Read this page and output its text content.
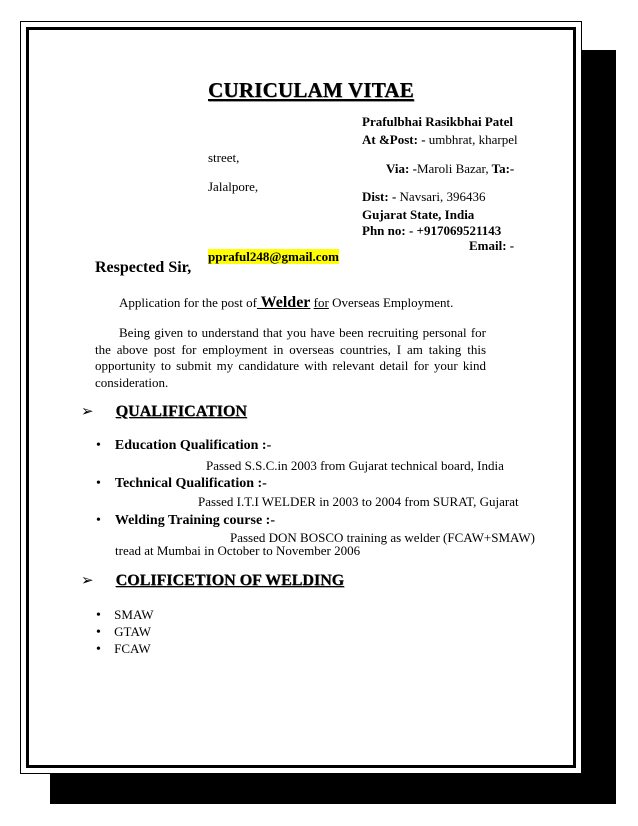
CURICULAM VITAE
Prafulbhai Rasikbhai Patel
At &Post: - umbhrat, kharpel
street,
Via: -Maroli Bazar, Ta:-
Jalalpore,
Dist: - Navsari, 396436
Gujarat State, India
Phn no: - +917069521143
Email: -
ppraful248@gmail.com
Respected Sir,
Application for the post of Welder for Overseas Employment.
Being given to understand that you have been recruiting personal for the above post for employment in overseas countries, I am taking this opportunity to submit my candidature with relevant detail for your kind consideration.
➢ QUALIFICATION
• Education Qualification :-
Passed S.S.C.in 2003 from Gujarat technical board, India
• Technical Qualification :-
Passed I.T.I WELDER in 2003 to 2004 from SURAT, Gujarat
• Welding Training course :-
Passed DON BOSCO training as welder (FCAW+SMAW)
tread at Mumbai in October to November 2006
➢ COLIFICETION OF WELDING
• SMAW
• GTAW
• FCAW
